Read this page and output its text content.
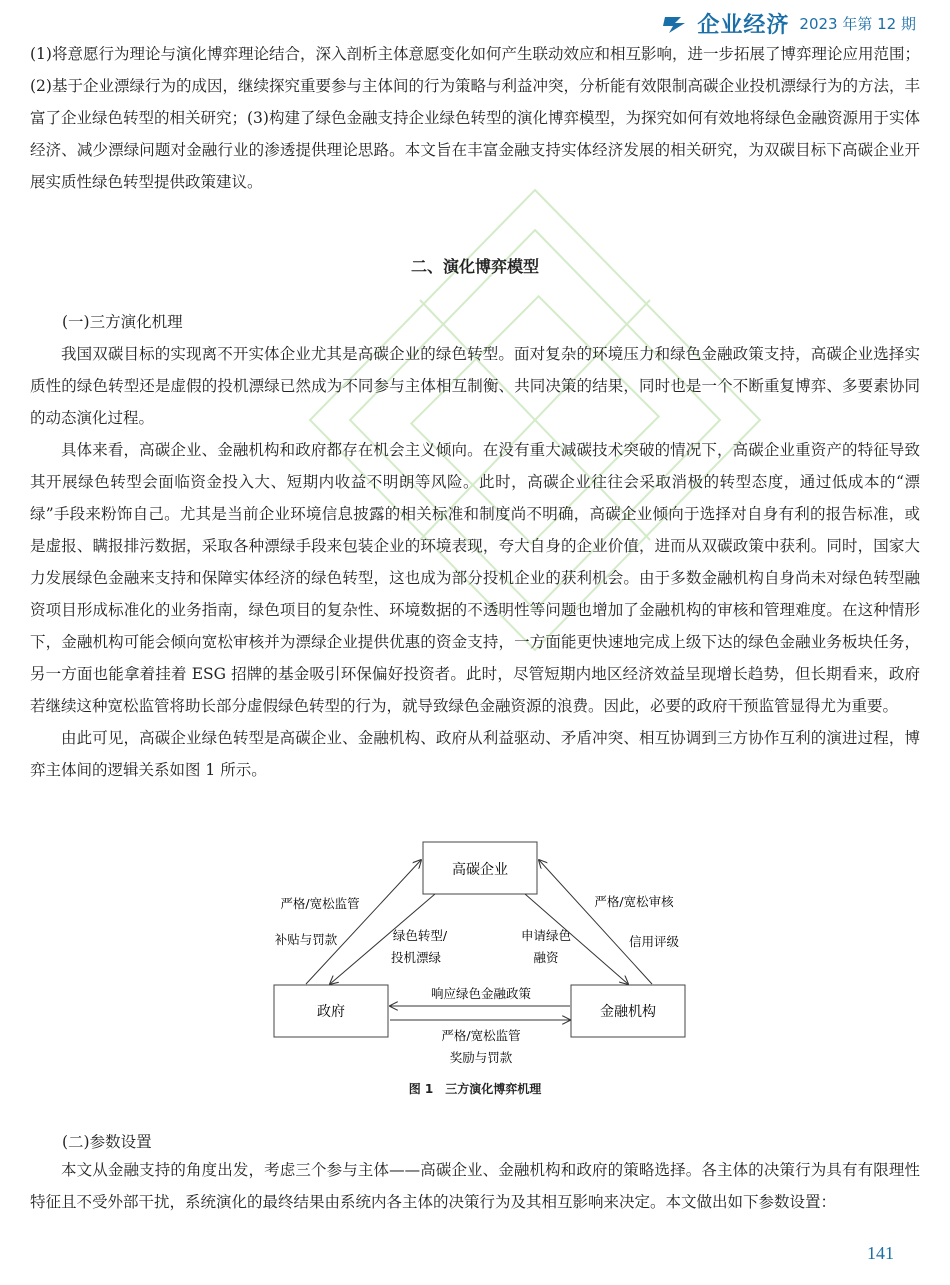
企业经济 2023 年第 12 期

(1)将意愿行为理论与演化博弈理论结合，深入剖析主体意愿变化如何产生联动效应和相互影响，进一步拓展了博弈理论应用范围；(2)基于企业漂绿行为的成因，继续探究重要参与主体间的行为策略与利益冲突，分析能有效限制高碳企业投机漂绿行为的方法，丰富了企业绿色转型的相关研究；(3)构建了绿色金融支持企业绿色转型的演化博弈模型，为探究如何有效地将绿色金融资源用于实体经济、减少漂绿问题对金融行业的渗透提供理论思路。本文旨在丰富金融支持实体经济发展的相关研究，为双碳目标下高碳企业开展实质性绿色转型提供政策建议。

二、演化博弈模型
(一)三方演化机理

我国双碳目标的实现离不开实体企业尤其是高碳企业的绿色转型。面对复杂的环境压力和绿色金融政策支持，高碳企业选择实质性的绿色转型还是虚假的投机漂绿已然成为不同参与主体相互制衡、共同决策的结果，同时也是一个不断重复博弈、多要素协同的动态演化过程。

具体来看，高碳企业、金融机构和政府都存在机会主义倾向。在没有重大减碳技术突破的情况下，高碳企业重资产的特征导致其开展绿色转型会面临资金投入大、短期内收益不明朗等风险。此时，高碳企业往往会采取消极的转型态度，通过低成本的“漂绿”手段来粉饰自己。尤其是当前企业环境信息披露的相关标准和制度尚不明确，高碳企业倾向于选择对自身有利的报告标准，或是虚报、瞒报排污数据，采取各种漂绿手段来包装企业的环境表现，夸大自身的企业价值，进而从双碳政策中获利。同时，国家大力发展绿色金融来支持和保障实体经济的绿色转型，这也成为部分投机企业的获利机会。由于多数金融机构自身尚未对绿色转型融资项目形成标准化的业务指南，绿色项目的复杂性、环境数据的不透明性等问题也增加了金融机构的审核和管理难度。在这种情形下，金融机构可能会倾向宽松审核并为漂绿企业提供优惠的资金支持，一方面能更快速地完成上级下达的绿色金融业务板块任务，另一方面也能拿着挂着 ESG 招牌的基金吸引环保偏好投资者。此时，尽管短期内地区经济效益呈现增长趋势，但长期看来，政府若继续这种宽松监管将助长部分虚假绿色转型的行为，就导致绿色金融资源的浪费。因此，必要的政府干预监管显得尤为重要。

由此可见，高碳企业绿色转型是高碳企业、金融机构、政府从利益驱动、矛盾冲突、相互协调到三方协作互利的演进过程，博弈主体间的逻辑关系如图 1 所示。

高碳企业
政府	金融机构
严格/宽松监管
补贴与罚款	绿色转型/
投机漂绿
申请绿色
融资
严格/宽松审核
信用评级
响应绿色金融政策
严格/宽松监管
奖励与罚款
图 1　三方演化博弈机理
(二)参数设置

本文从金融支持的角度出发，考虑三个参与主体——高碳企业、金融机构和政府的策略选择。各主体的决策行为具有有限理性特征且不受外部干扰，系统演化的最终结果由系统内各主体的决策行为及其相互影响来决定。本文做出如下参数设置：

141
